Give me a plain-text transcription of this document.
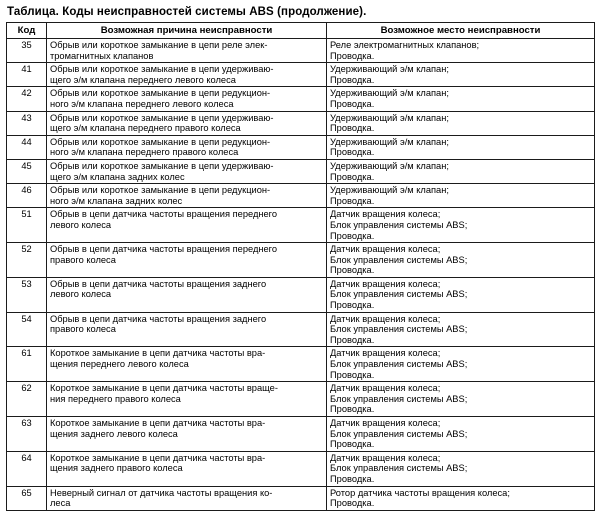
Таблица. Коды неисправностей системы ABS (продолжение).
Код	Возможная причина неисправности	Возможное место неисправности
35	Обрыв или короткое замыкание в цепи реле элек-
тромагнитных клапанов	Реле электромагнитных клапанов;
Проводка.

41	Обрыв или короткое замыкание в цепи удерживаю-
щего э/м клапана переднего левого колеса	Удерживающий э/м клапан;
Проводка.

42	Обрыв или короткое замыкание в цепи редукцион-
ного э/м клапана переднего левого колеса	Удерживающий э/м клапан;
Проводка.

43	Обрыв или короткое замыкание в цепи удерживаю-
щего э/м клапана переднего правого колеса	Удерживающий э/м клапан;
Проводка.

44	Обрыв или короткое замыкание в цепи редукцион-
ного э/м клапана переднего правого колеса	Удерживающий э/м клапан;
Проводка.

45	Обрыв или короткое замыкание в цепи удерживаю-
щего э/м клапана задних колес	Удерживающий э/м клапан;
Проводка.

46	Обрыв или короткое замыкание в цепи редукцион-
ного э/м клапана задних колес	Удерживающий э/м клапан;
Проводка.

51	Обрыв в цепи датчика частоты вращения переднего
левого колеса	Датчик вращения колеса;
Блок управления системы ABS;
Проводка.

52	Обрыв в цепи датчика частоты вращения переднего
правого колеса	Датчик вращения колеса;
Блок управления системы ABS;
Проводка.

53	Обрыв в цепи датчика частоты вращения заднего
левого колеса	Датчик вращения колеса;
Блок управления системы ABS;
Проводка.

54	Обрыв в цепи датчика частоты вращения заднего
правого колеса	Датчик вращения колеса;
Блок управления системы ABS;
Проводка.

61	Короткое замыкание в цепи датчика частоты вра-
щения переднего левого колеса	Датчик вращения колеса;
Блок управления системы ABS;
Проводка.

62	Короткое замыкание в цепи датчика частоты враще-
ния переднего правого колеса	Датчик вращения колеса;
Блок управления системы ABS;
Проводка.

63	Короткое замыкание в цепи датчика частоты вра-
щения заднего левого колеса	Датчик вращения колеса;
Блок управления системы ABS;
Проводка.

64	Короткое замыкание в цепи датчика частоты вра-
щения заднего правого колеса	Датчик вращения колеса;
Блок управления системы ABS;
Проводка.

65	Неверный сигнал от датчика частоты вращения ко-
леса	Ротор датчика частоты вращения колеса;
Проводка.
